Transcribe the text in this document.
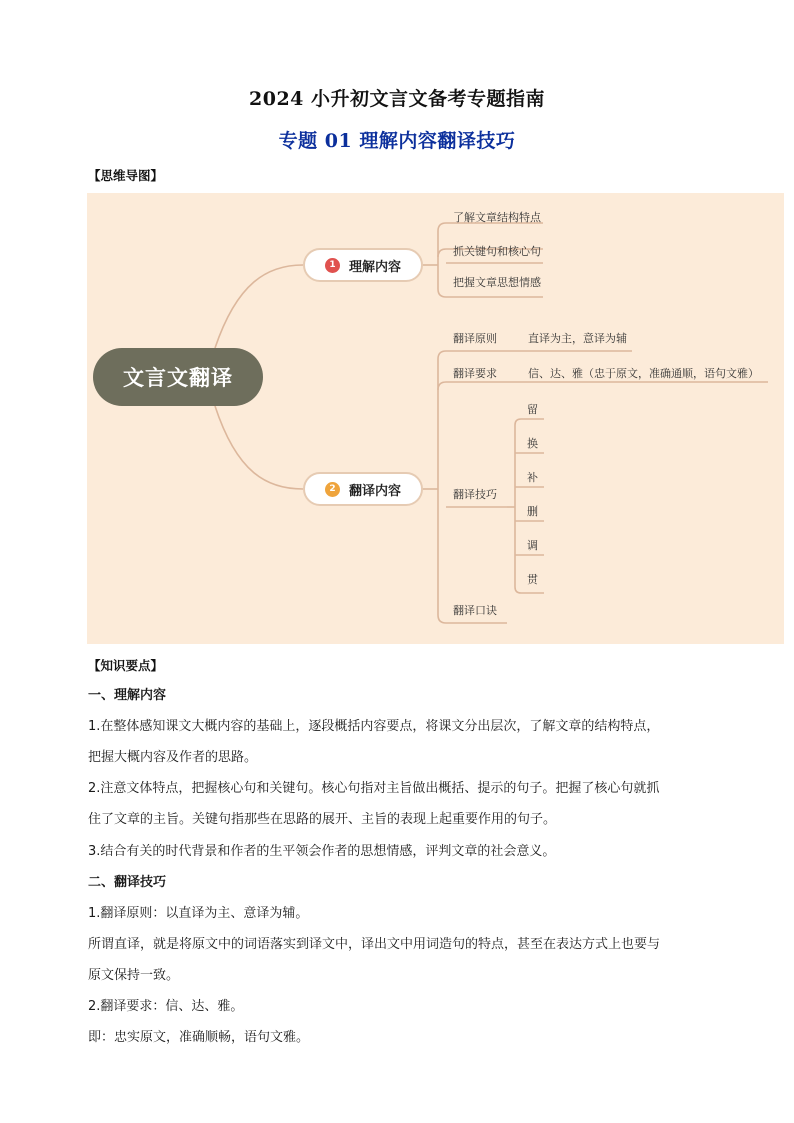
2024 小升初文言文备考专题指南
专题 01 理解内容翻译技巧
【思维导图】
文言文翻译
1	理解内容
了解文章结构特点
抓关键句和核心句
把握文章思想情感
2	翻译内容
翻译原则	直译为主，意译为辅
翻译要求	信、达、雅（忠于原文，准确通顺，语句文雅）
翻译技巧
留
换
补
删
调
贯
翻译口诀
【知识要点】

一、理解内容

1.在整体感知课文大概内容的基础上，逐段概括内容要点，将课文分出层次，了解文章的结构特点，

把握大概内容及作者的思路。

2.注意文体特点，把握核心句和关键句。核心句指对主旨做出概括、提示的句子。把握了核心句就抓

住了文章的主旨。关键句指那些在思路的展开、主旨的表现上起重要作用的句子。

3.结合有关的时代背景和作者的生平领会作者的思想情感，评判文章的社会意义。

二、翻译技巧

1.翻译原则：以直译为主、意译为辅。

所谓直译，就是将原文中的词语落实到译文中，译出文中用词造句的特点，甚至在表达方式上也要与

原文保持一致。

2.翻译要求：信、达、雅。

即：忠实原文，准确顺畅，语句文雅。
